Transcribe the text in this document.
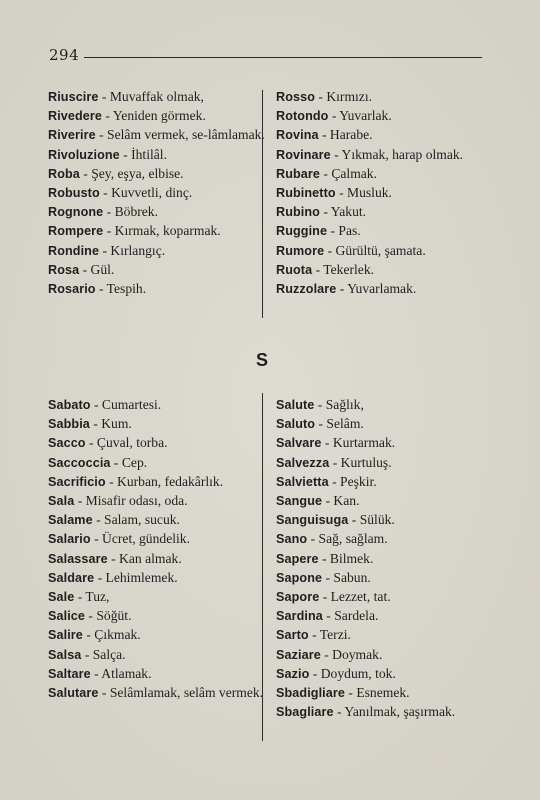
294

Riuscire - Muvaffak olmak,

Rivedere - Yeniden görmek.

Riverire - Selâm vermek, se-lâmlamak.

Rivoluzione - İhtilâl.

Roba - Şey, eşya, elbise.

Robusto - Kuvvetli, dinç.

Rognone - Böbrek.

Rompere - Kırmak, koparmak.

Rondine - Kırlangıç.

Rosa - Gül.

Rosario - Tespih.

Rosso - Kırmızı.

Rotondo - Yuvarlak.

Rovina - Harabe.

Rovinare - Yıkmak, harap olmak.

Rubare - Çalmak.

Rubinetto - Musluk.

Rubino - Yakut.

Ruggine - Pas.

Rumore - Gürültü, şamata.

Ruota - Tekerlek.

Ruzzolare - Yuvarlamak.

S

Sabato - Cumartesi.

Sabbia - Kum.

Sacco - Çuval, torba.

Saccoccia - Cep.

Sacrificio - Kurban, fedakârlık.

Sala - Misafir odası, oda.

Salame - Salam, sucuk.

Salario - Ücret, gündelik.

Salassare - Kan almak.

Saldare - Lehimlemek.

Sale - Tuz,

Salice - Söğüt.

Salire - Çıkmak.

Salsa - Salça.

Saltare - Atlamak.

Salutare - Selâmlamak, selâm vermek.

Salute - Sağlık,

Saluto - Selâm.

Salvare - Kurtarmak.

Salvezza - Kurtuluş.

Salvietta - Peşkir.

Sangue - Kan.

Sanguisuga - Sülük.

Sano - Sağ, sağlam.

Sapere - Bilmek.

Sapone - Sabun.

Sapore - Lezzet, tat.

Sardina - Sardela.

Sarto - Terzi.

Saziare - Doymak.

Sazio - Doydum, tok.

Sbadigliare - Esnemek.

Sbagliare - Yanılmak, şaşırmak.
